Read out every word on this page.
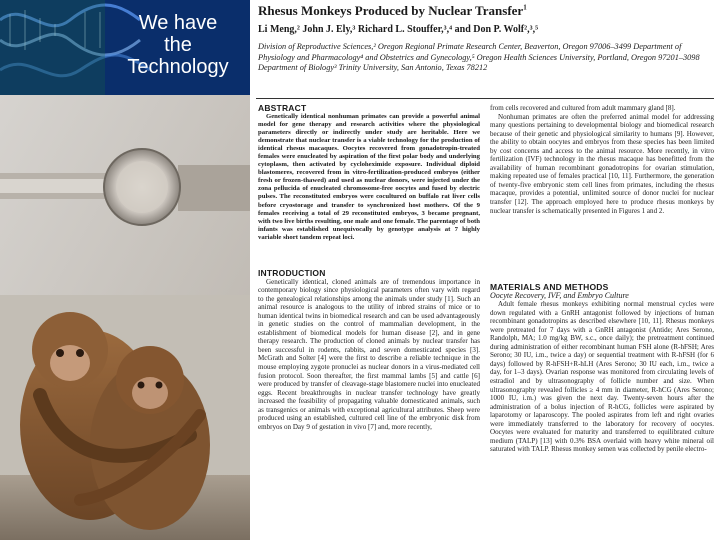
We have
the
Technology
Rhesus Monkeys Produced by Nuclear Transfer$^1$
Li Meng,² John J. Ely,³ Richard L. Stouffer,³,⁴ and Don P. Wolf²,³,⁵
Division of Reproductive Sciences,² Oregon Regional Primate Research Center, Beaverton, Oregon 97006–3499 Department of Physiology and Pharmacology⁴ and Obstetrics and Gynecology,⁵ Oregon Health Sciences University, Portland, Oregon 97201–3098 Department of Biology³ Trinity University, San Antonio, Texas 78212
ABSTRACT

Genetically identical nonhuman primates can provide a powerful animal model for gene therapy and research activities where the physiological parameters directly or indirectly under study are heritable. Here we demonstrate that nuclear transfer is a viable technology for the production of identical rhesus macaques. Oocytes recovered from gonadotropin-treated females were enucleated by aspiration of the first polar body and underlying cytoplasm, then activated by cycloheximide exposure. Individual diploid blastomeres, recovered from in vitro-fertilization-produced embryos (either fresh or frozen-thawed) and used as nuclear donors, were injected under the zona pellucida of enucleated chromosome-free oocytes and fused by electric pulses. The reconstituted embryos were cocultured on buffalo rat liver cells before cryostorage and transfer to synchronized host mothers. Of the 9 females receiving a total of 29 reconstituted embryos, 3 became pregnant, with two live births resulting, one male and one female. The parentage of both infants was established unequivocally by genotype analysis at 7 highly variable short tandem repeat loci.

INTRODUCTION

Genetically identical, cloned animals are of tremendous importance in contemporary biology since physiological parameters often vary with regard to the genealogical relationships among the animals under study [1]. Such an animal resource is analogous to the utility of inbred strains of mice or to human identical twins in biomedical research and can be used advantageously in genetic studies on the control of mammalian development, in the establishment of biomedical models for human disease [2], and in gene therapy research. The production of cloned animals by nuclear transfer has been successful in rodents, rabbits, and seven domesticated species [3]. McGrath and Solter [4] were the first to describe a reliable technique in the mouse employing zygote pronuclei as nuclear donors in a virus-mediated cell fusion protocol. Soon thereafter, the first mammal lambs [5] and cattle [6] were produced by transfer of cleavage-stage blastomere nuclei into enucleated eggs. Recent breakthroughs in nuclear transfer technology have greatly increased the feasibility of propagating valuable domesticated animals, such as transgenics or animals with exceptional agricultural attributes. Sheep were produced using an established, cultured cell line of the embryonic disk from embryos on Day 9 of gestation in vivo [7] and, more recently,

from cells recovered and cultured from adult mammary gland [8].

Nonhuman primates are often the preferred animal model for addressing many questions pertaining to developmental biology and biomedical research because of their genetic and physiological similarity to humans [9]. However, the ability to obtain oocytes and embryos from these species has been limited by cost concerns and access to the animal resource. More recently, in vitro fertilization (IVF) technology in the rhesus macaque has benefitted from the availability of human recombinant gonadotropins for ovarian stimulation, making repeated use of females practical [10, 11]. Furthermore, the generation of twenty-five embryonic stem cell lines from primates, including the rhesus macaque, provides a potential, unlimited source of donor nuclei for nuclear transfer [12]. The approach employed here to produce rhesus monkeys by nuclear transfer is schematically presented in Figures 1 and 2.

MATERIALS AND METHODS
Oocyte Recovery, IVF, and Embryo Culture

Adult female rhesus monkeys exhibiting normal menstrual cycles were down regulated with a GnRH antagonist followed by injections of human recombinant gonadotropins as described elsewhere [10, 11]. Rhesus monkeys were pretreated for 7 days with a GnRH antagonist (Antide; Ares Serono, Randolph, MA; 1.0 mg/kg BW, s.c., once daily); the pretreatment continued during administration of either recombinant human FSH alone (R-hFSH; Ares Serono; 30 IU, i.m., twice a day) or sequential treatment with R-hFSH (for 6 days) followed by R-hFSH+R-hLH (Ares Serono; 30 IU each, i.m., twice a day, for 1–3 days). Ovarian response was monitored from circulating levels of estradiol and by ultrasonography of follicle number and size. When ultrasonography revealed follicles ≥ 4 mm in diameter, R-hCG (Ares Serono; 1000 IU, i.m.) was given the next day. Twenty-seven hours after the administration of a bolus injection of R-hCG, follicles were aspirated by laparotomy or laparoscopy. The pooled aspirates from left and right ovaries were immediately transferred to the laboratory for recovery of oocytes. Oocytes were evaluated for maturity and transferred to equilibrated culture medium (TALP) [13] with 0.3% BSA overlaid with heavy white mineral oil saturated with TALP. Rhesus monkey semen was collected by penile electro-
